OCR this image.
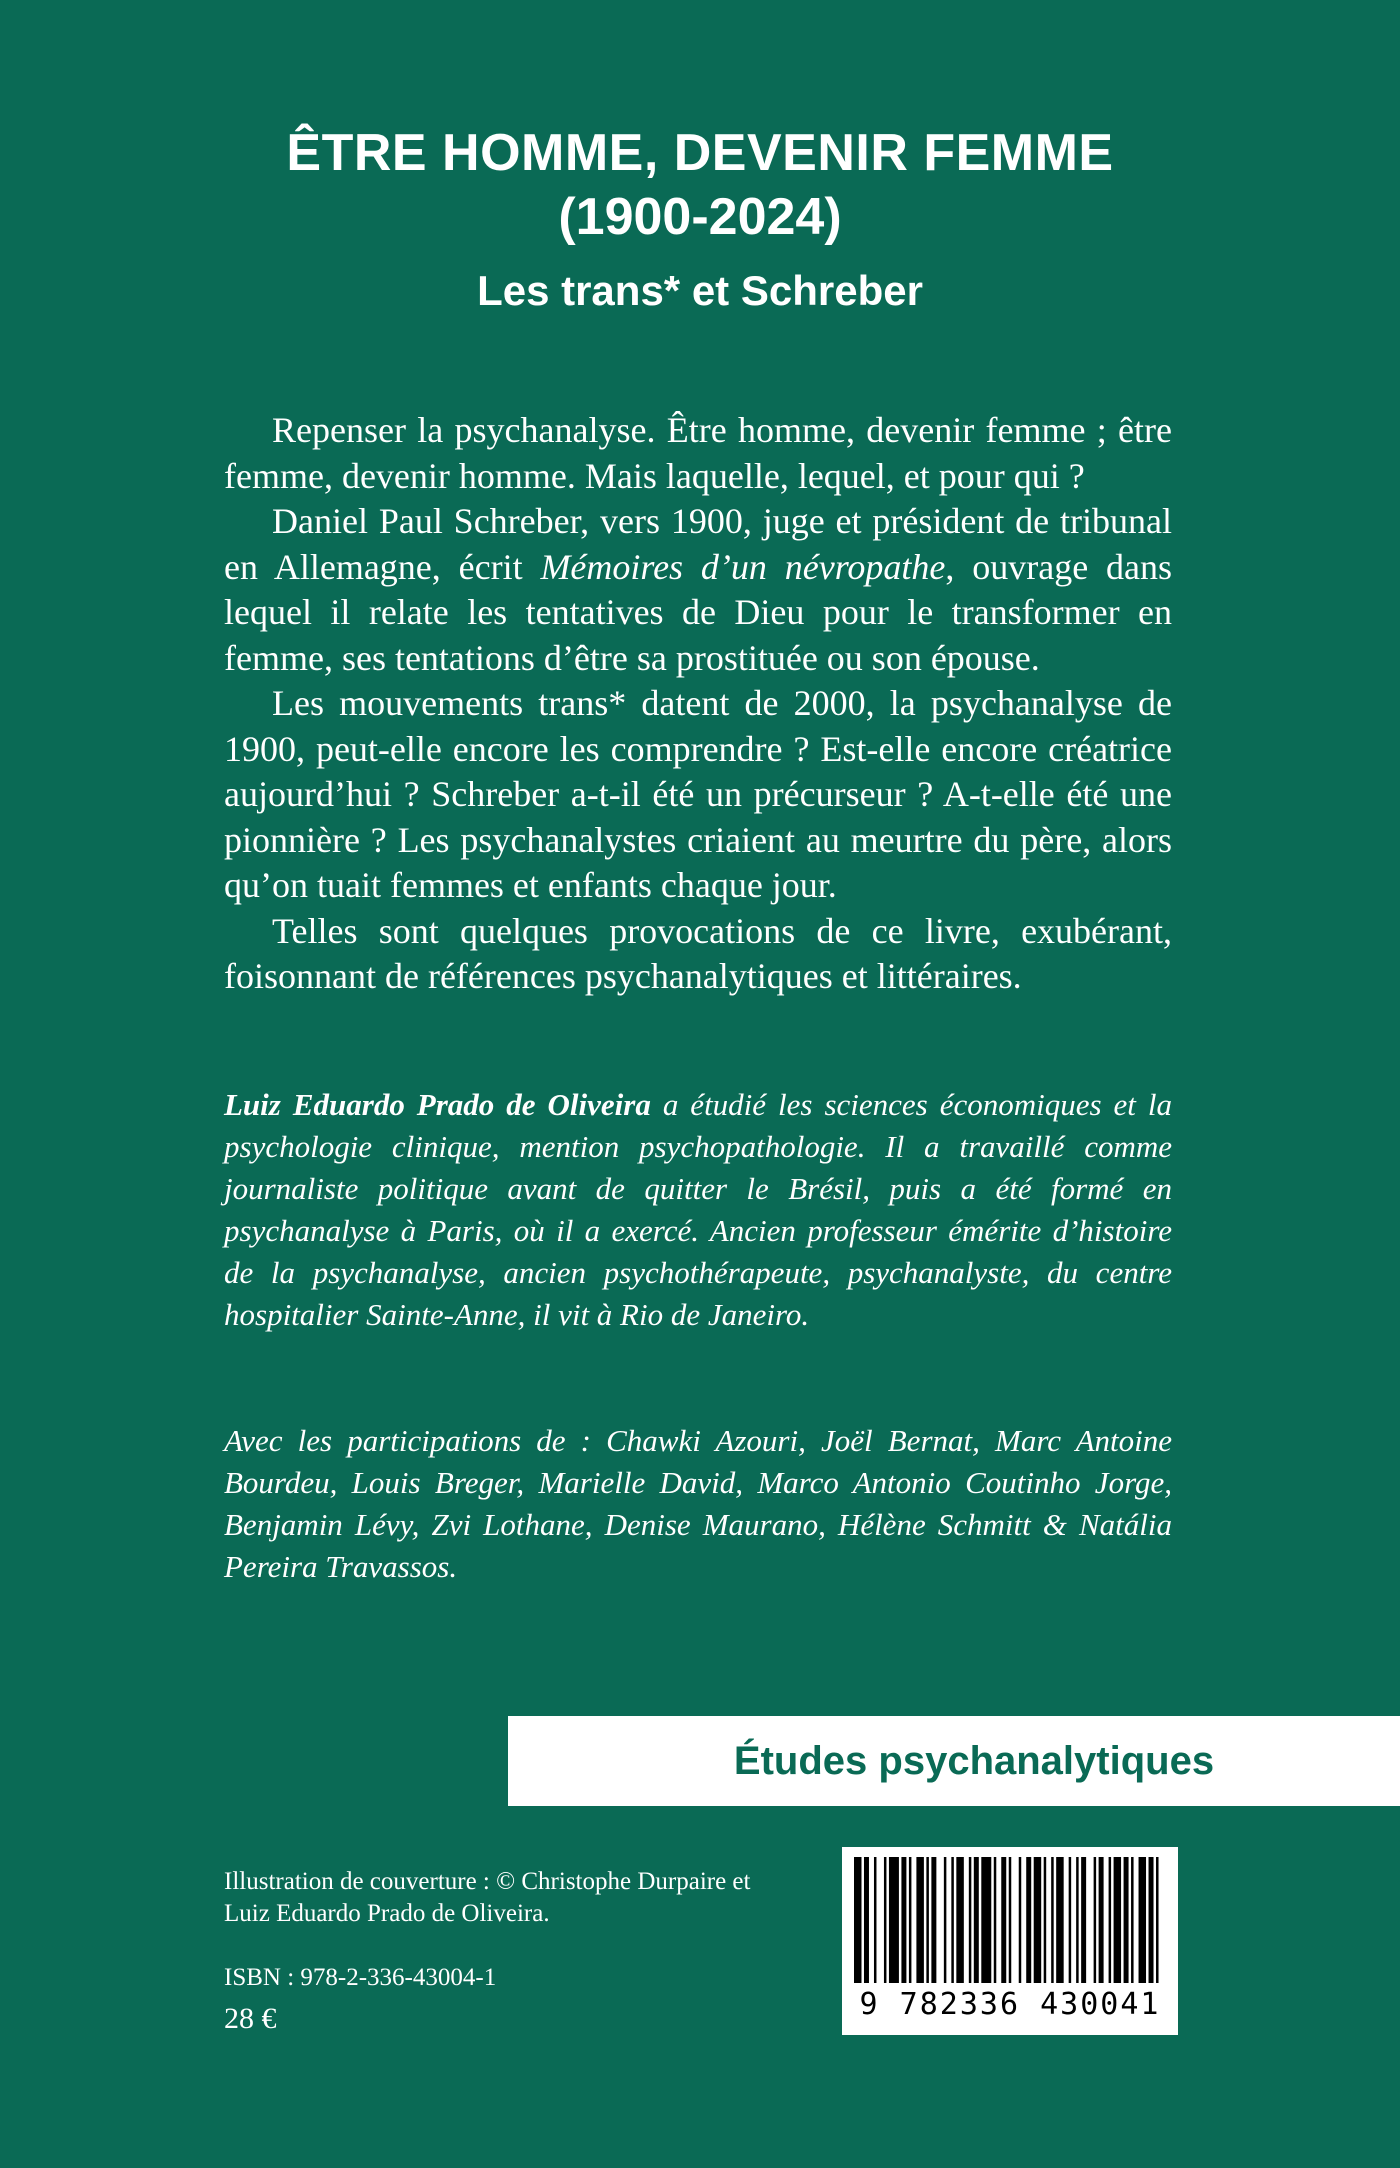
ÊTRE HOMME, DEVENIR FEMME
(1900-2024)
Les trans* et Schreber

Repenser la psychanalyse. Être homme, devenir femme ; être femme, devenir homme. Mais laquelle, lequel, et pour qui ?

Daniel Paul Schreber, vers 1900, juge et président de tribunal en Allemagne, écrit Mémoires d’un névropathe, ouvrage dans lequel il relate les tentatives de Dieu pour le transformer en femme, ses tentations d’être sa prostituée ou son épouse.

Les mouvements trans* datent de 2000, la psychanalyse de 1900, peut-elle encore les comprendre ? Est-elle encore créatrice aujourd’hui ? Schreber a-t-il été un précurseur ? A-t-elle été une pionnière ? Les psychanalystes criaient au meurtre du père, alors qu’on tuait femmes et enfants chaque jour.

Telles sont quelques provocations de ce livre, exubérant, foisonnant de références psychanalytiques et littéraires.

Luiz Eduardo Prado de Oliveira a étudié les sciences économiques et la psychologie clinique, mention psychopathologie. Il a travaillé comme journaliste politique avant de quitter le Brésil, puis a été formé en psychanalyse à Paris, où il a exercé. Ancien professeur émérite d’histoire de la psychanalyse, ancien psychothérapeute, psychanalyste, du centre hospitalier Sainte-Anne, il vit à Rio de Janeiro.

Avec les participations de : Chawki Azouri, Joël Bernat, Marc Antoine Bourdeu, Louis Breger, Marielle David, Marco Antonio Coutinho Jorge, Benjamin Lévy, Zvi Lothane, Denise Maurano, Hélène Schmitt & Natália Pereira Travassos.

Études psychanalytiques

Illustration de couverture : © Christophe Durpaire et Luiz Eduardo Prado de Oliveira.

ISBN : 978-2-336-43004-1

28 €	9 782336 430041
